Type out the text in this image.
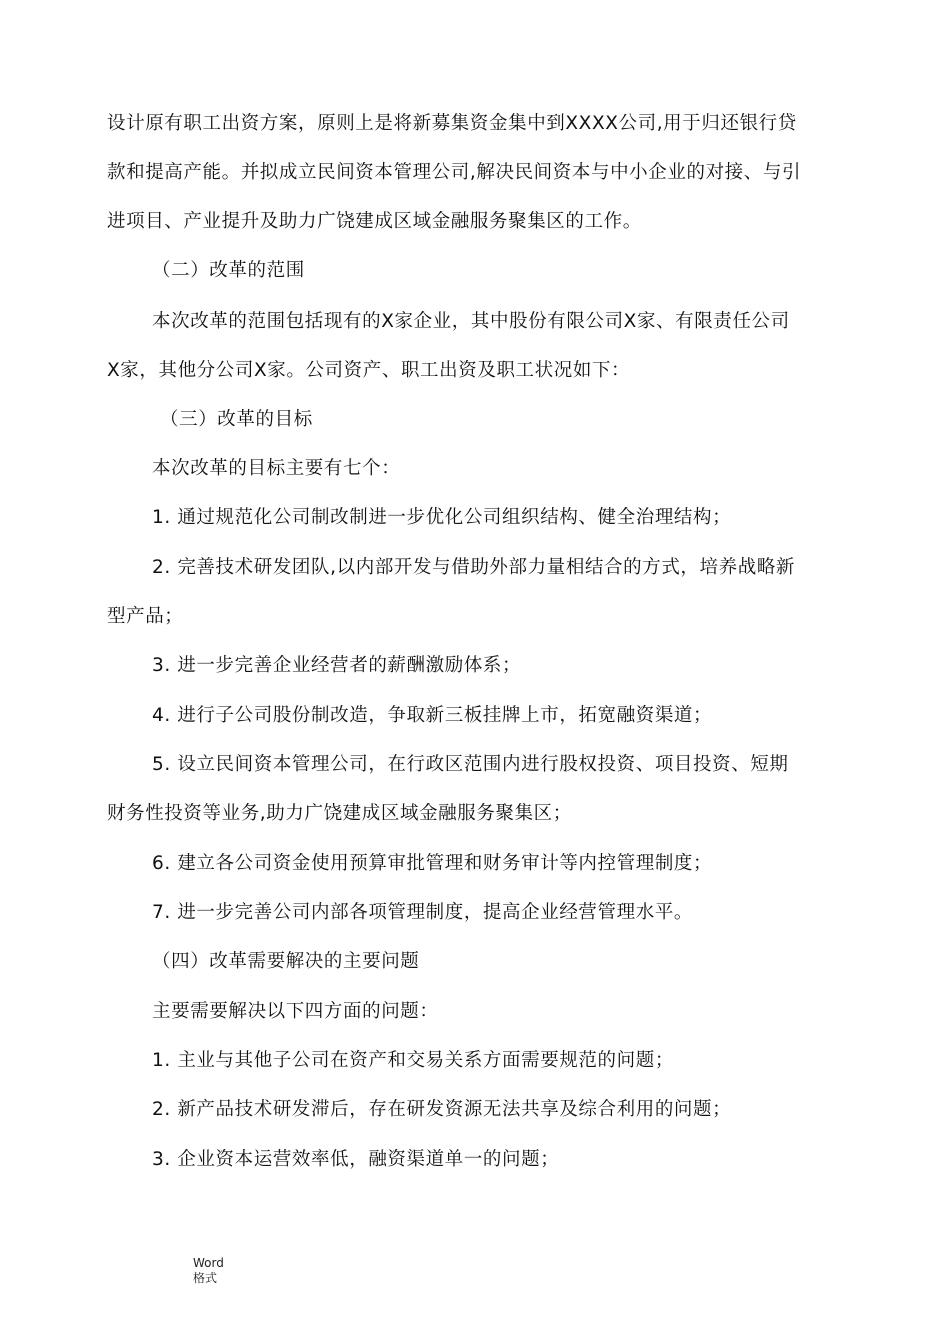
设计原有职工出资方案，原则上是将新募集资金集中到XXXX公司,用于归还银行贷
款和提高产能。并拟成立民间资本管理公司,解决民间资本与中小企业的对接、与引
进项目、产业提升及助力广饶建成区域金融服务聚集区的工作。
（二）改革的范围
本次改革的范围包括现有的X家企业，其中股份有限公司X家、有限责任公司
X家，其他分公司X家。公司资产、职工出资及职工状况如下：
（三）改革的目标
本次改革的目标主要有七个：
1. 通过规范化公司制改制进一步优化公司组织结构、健全治理结构；
2. 完善技术研发团队,以内部开发与借助外部力量相结合的方式，培养战略新
型产品；
3. 进一步完善企业经营者的薪酬激励体系；
4. 进行子公司股份制改造，争取新三板挂牌上市，拓宽融资渠道；
5. 设立民间资本管理公司，在行政区范围内进行股权投资、项目投资、短期
财务性投资等业务,助力广饶建成区域金融服务聚集区；
6. 建立各公司资金使用预算审批管理和财务审计等内控管理制度；
7. 进一步完善公司内部各项管理制度，提高企业经营管理水平。
（四）改革需要解决的主要问题
主要需要解决以下四方面的问题：
1. 主业与其他子公司在资产和交易关系方面需要规范的问题；
2. 新产品技术研发滞后，存在研发资源无法共享及综合利用的问题；
3. 企业资本运营效率低，融资渠道单一的问题；
Word
格式
